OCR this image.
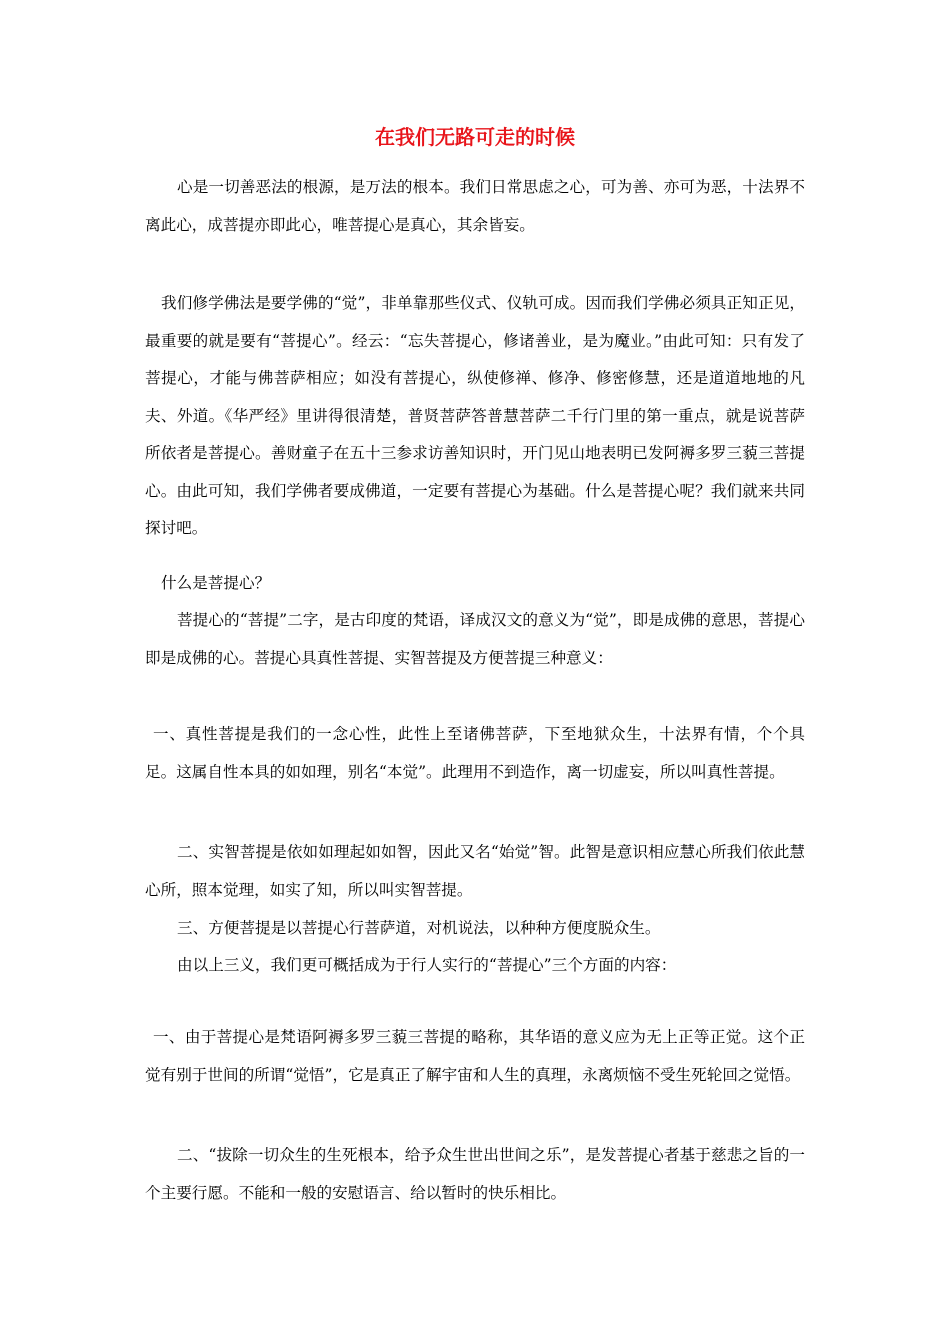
在我们无路可走的时候

心是一切善恶法的根源，是万法的根本。我们日常思虑之心，可为善、亦可为恶，十法界不离此心，成菩提亦即此心，唯菩提心是真心，其余皆妄。

我们修学佛法是要学佛的“觉”，非单靠那些仪式、仪轨可成。因而我们学佛必须具正知正见，最重要的就是要有“菩提心”。经云：“忘失菩提心，修诸善业，是为魔业。”由此可知：只有发了菩提心，才能与佛菩萨相应；如没有菩提心，纵使修禅、修净、修密修慧，还是道道地地的凡夫、外道。《华严经》里讲得很清楚，普贤菩萨答普慧菩萨二千行门里的第一重点，就是说菩萨所依者是菩提心。善财童子在五十三参求访善知识时，开门见山地表明已发阿褥多罗三藐三菩提心。由此可知，我们学佛者要成佛道，一定要有菩提心为基础。什么是菩提心呢？我们就来共同探讨吧。

什么是菩提心？

菩提心的“菩提”二字，是古印度的梵语，译成汉文的意义为“觉”，即是成佛的意思，菩提心即是成佛的心。菩提心具真性菩提、实智菩提及方便菩提三种意义：

一、真性菩提是我们的一念心性，此性上至诸佛菩萨，下至地狱众生，十法界有情，个个具足。这属自性本具的如如理，别名“本觉”。此理用不到造作，离一切虚妄，所以叫真性菩提。

二、实智菩提是依如如理起如如智，因此又名“始觉”智。此智是意识相应慧心所我们依此慧心所，照本觉理，如实了知，所以叫实智菩提。

三、方便菩提是以菩提心行菩萨道，对机说法，以种种方便度脱众生。

由以上三义，我们更可概括成为于行人实行的“菩提心”三个方面的内容：

一、由于菩提心是梵语阿褥多罗三藐三菩提的略称，其华语的意义应为无上正等正觉。这个正觉有别于世间的所谓“觉悟”，它是真正了解宇宙和人生的真理，永离烦恼不受生死轮回之觉悟。

二、“拔除一切众生的生死根本，给予众生世出世间之乐”，是发菩提心者基于慈悲之旨的一个主要行愿。不能和一般的安慰语言、给以暂时的快乐相比。
